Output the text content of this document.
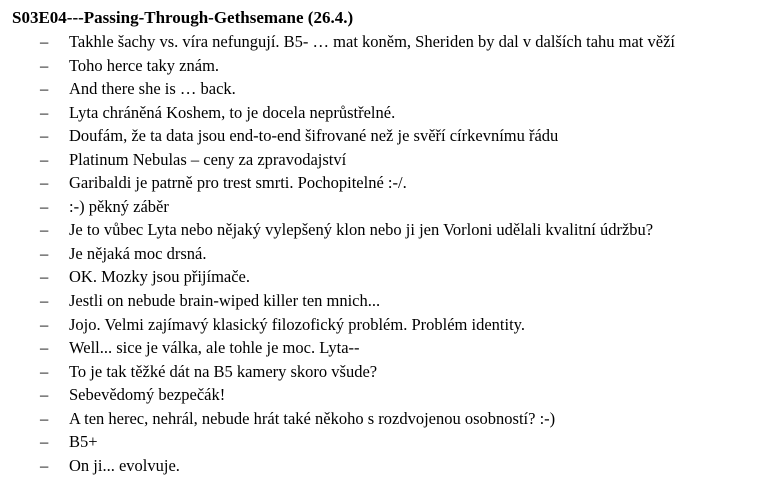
S03E04---Passing-Through-Gethsemane (26.4.)
– Takhle šachy vs. víra nefungují. B5- … mat koněm, Sheriden by dal v dalších tahu mat věží
– Toho herce taky znám.
– And there she is … back.
– Lyta chráněná Koshem, to je docela neprůstřelné.
– Doufám, že ta data jsou end-to-end šifrované než je svěří církevnímu řádu
– Platinum Nebulas – ceny za zpravodajství
– Garibaldi je patrně pro trest smrti. Pochopitelné :-/.
– :-) pěkný záběr
– Je to vůbec Lyta nebo nějaký vylepšený klon nebo ji jen Vorloni udělali kvalitní údržbu?
– Je nějaká moc drsná.
– OK. Mozky jsou přijímače.
– Jestli on nebude brain-wiped killer ten mnich...
– Jojo. Velmi zajímavý klasický filozofický problém. Problém identity.
– Well... sice je válka, ale tohle je moc. Lyta--
– To je tak těžké dát na B5 kamery skoro všude?
– Sebevědomý bezpečák!
– A ten herec, nehrál, nebude hrát také někoho s rozdvojenou osobností? :-)
– B5+
– On ji... evolvuje.
